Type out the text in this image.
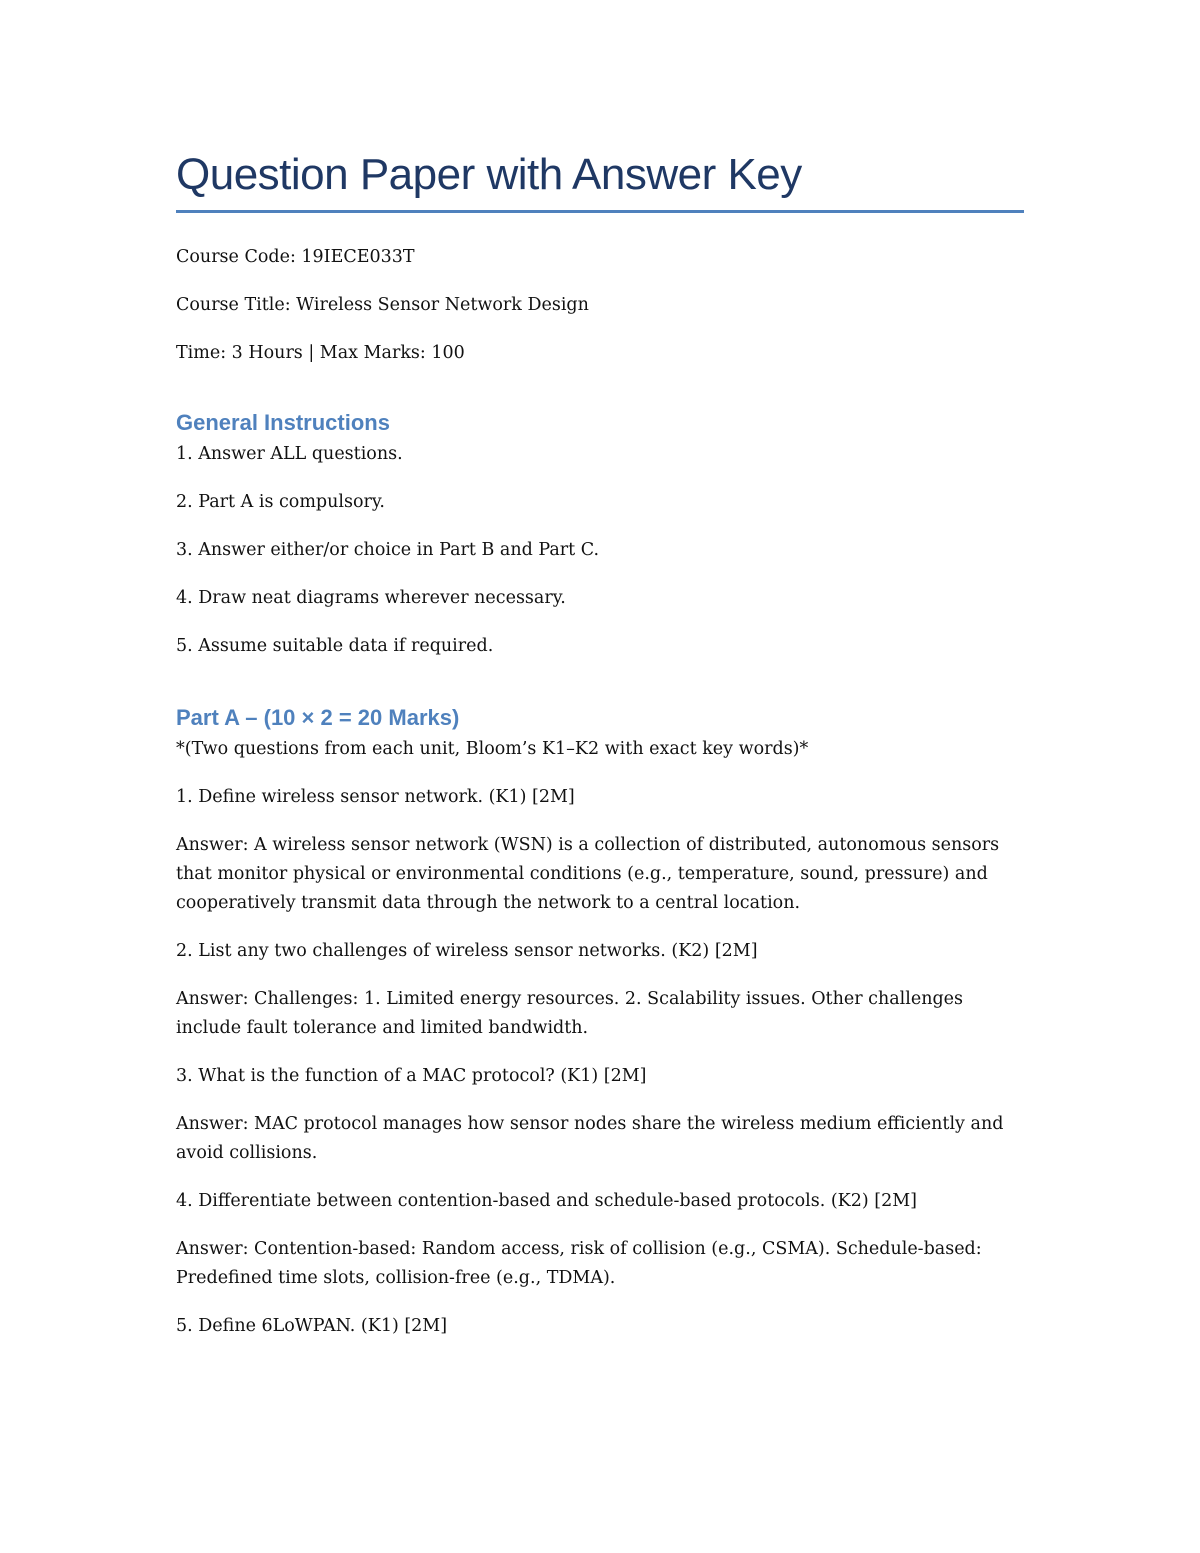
Question Paper with Answer Key

Course Code: 19IECE033T

Course Title: Wireless Sensor Network Design

Time: 3 Hours | Max Marks: 100

General Instructions

1. Answer ALL questions.

2. Part A is compulsory.

3. Answer either/or choice in Part B and Part C.

4. Draw neat diagrams wherever necessary.

5. Assume suitable data if required.

Part A – (10 × 2 = 20 Marks)

*(Two questions from each unit, Bloom’s K1–K2 with exact key words)*

1. Define wireless sensor network. (K1) [2M]

Answer: A wireless sensor network (WSN) is a collection of distributed, autonomous sensors that monitor physical or environmental conditions (e.g., temperature, sound, pressure) and cooperatively transmit data through the network to a central location.

2. List any two challenges of wireless sensor networks. (K2) [2M]

Answer: Challenges: 1. Limited energy resources. 2. Scalability issues. Other challenges include fault tolerance and limited bandwidth.

3. What is the function of a MAC protocol? (K1) [2M]

Answer: MAC protocol manages how sensor nodes share the wireless medium efficiently and avoid collisions.

4. Differentiate between contention-based and schedule-based protocols. (K2) [2M]

Answer: Contention-based: Random access, risk of collision (e.g., CSMA). Schedule-based: Predefined time slots, collision-free (e.g., TDMA).

5. Define 6LoWPAN. (K1) [2M]
